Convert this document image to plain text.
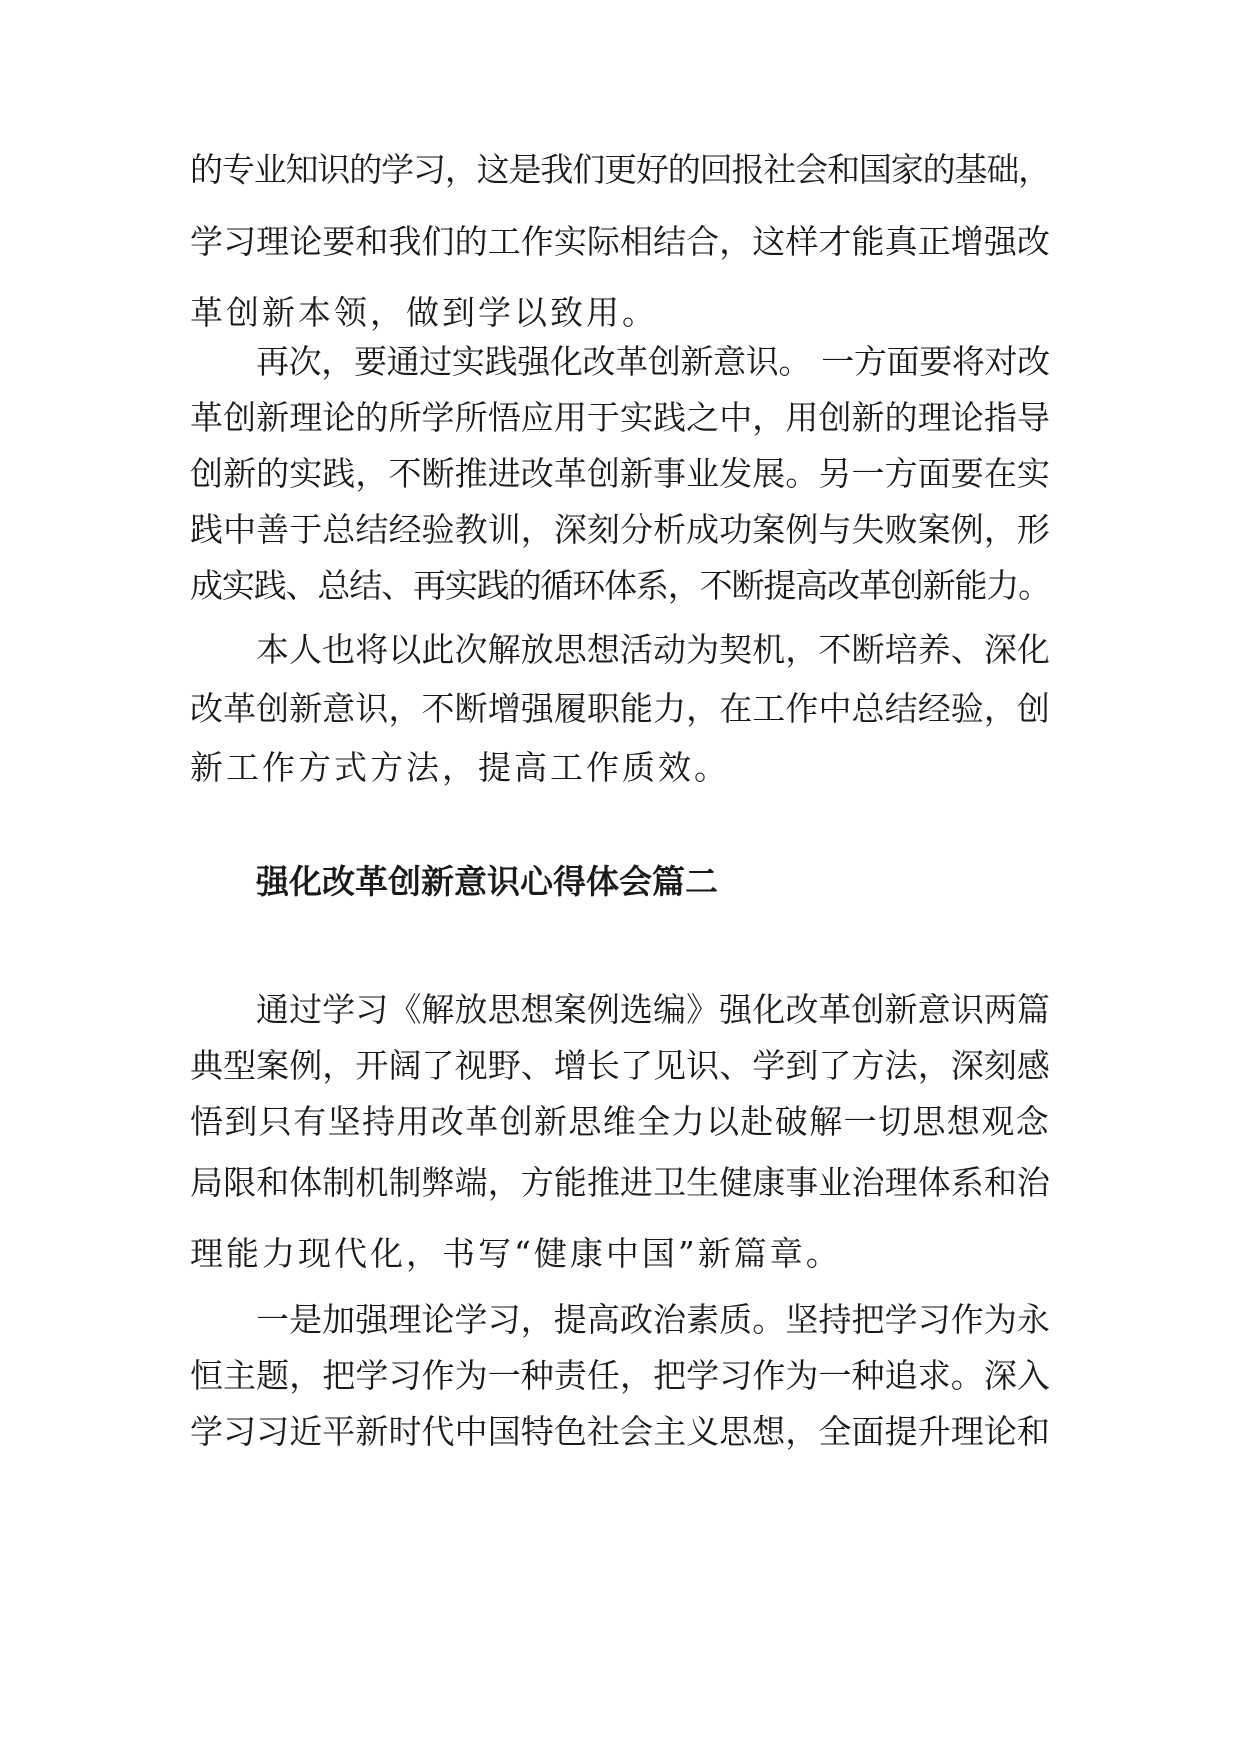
的专业知识的学习，这是我们更好的回报社会和国家的基础，
学习理论要和我们的工作实际相结合，这样才能真正增强改
革创新本领，做到学以致用。
再次，要通过实践强化改革创新意识。 一方面要将对改
革创新理论的所学所悟应用于实践之中，用创新的理论指导
创新的实践，不断推进改革创新事业发展。另一方面要在实
践中善于总结经验教训，深刻分析成功案例与失败案例，形
成实践、总结、再实践的循环体系，不断提高改革创新能力。
本人也将以此次解放思想活动为契机，不断培养、深化
改革创新意识，不断增强履职能力，在工作中总结经验，创
新工作方式方法，提高工作质效。
强化改革创新意识心得体会篇二
通过学习《解放思想案例选编》强化改革创新意识两篇
典型案例，开阔了视野、增长了见识、学到了方法，深刻感
悟到只有坚持用改革创新思维全力以赴破解一切思想观念
局限和体制机制弊端，方能推进卫生健康事业治理体系和治
理能力现代化，书写“健康中国”新篇章。
一是加强理论学习，提高政治素质。坚持把学习作为永
恒主题，把学习作为一种责任，把学习作为一种追求。深入
学习习近平新时代中国特色社会主义思想，全面提升理论和
